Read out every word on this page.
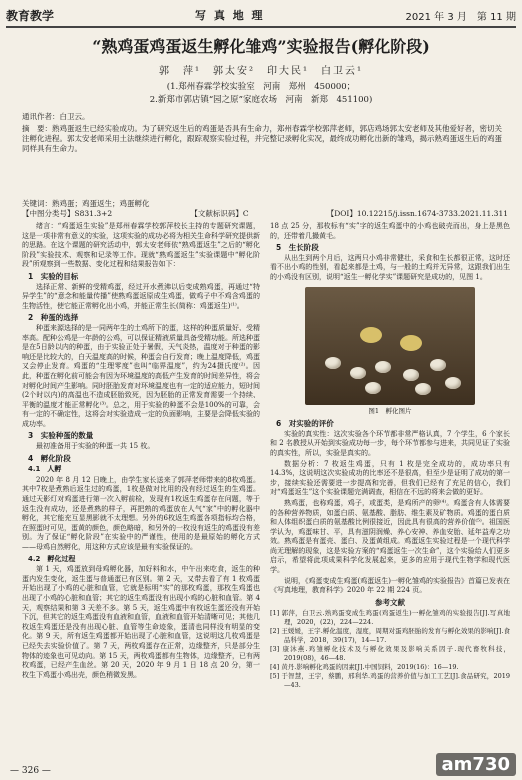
教育教学	写 真 地 理	2021 年 3 月　第 11 期
“熟鸡蛋鸡蛋返生孵化雏鸡”实验报告(孵化阶段)
郭　萍¹　郭太安²　印大民¹　白卫云¹
(1.郑州春霖学校实验室　河南　郑州　450000；
2.新郑市郭店镇“园之原”家庭农场　河南　新郑　451100)
通讯作者：白卫云。
摘　要：熟鸡蛋返生已经实验成功。为了研究返生后的鸡蛋是否具有生命力，郑州春霖学校郭萍老师，郭店鸡场郭太安老师及其他爱好者，密切关注孵化进程。郭太安老师采用土法继续进行孵化，跟踪观察实验过程，并完整记录孵化实况，最终成功孵化出新的雏鸡，揭示熟鸡蛋返生后的鸡蛋同样具有生命力。
关键词：熟鸡蛋；鸡蛋返生；鸡蛋孵化
【中图分类号】S831.3+2	【文献标识码】C	【DOI】10.12215/j.issn.1674-3733.2021.11.311

绪言：“鸡蛋返生实验”是郑州春霖学校郭萍校长主持的专题研究课题，这是一项非常有意义的实验，这项实验的成功必将为相关生命科学研究提供新的思路。在这个课题的研究活动中，郭太安老师依“熟鸡蛋返生”之后的“孵化阶段”实验技术、观察和记录等工作。现就“熟鸡蛋返生”实验课题中“孵化阶段”所观察到一些数据、变化过程和结果报告如下：

1　实验的目标

选择正常、新鲜的受精鸡蛋，经过开水煮沸以后变成熟鸡蛋，再通过“特异学生”的“意念和能量传播”使熟鸡蛋返原成生鸡蛋，做鸡子中不鸡含鸡蛋的生物活性，使它能正常孵化出小鸡，并能正常生长(简称：鸡蛋返生)⁽¹⁾。

2　种蛋的选择

种蛋来源选择的是一同两年生的土鸡所下的蛋，这样的种蛋质量好、受精率高。配种公鸡是一年龄的公鸡，可以保证精液质量具备受精功能。所选种蛋是在5日龄以内的种蛋，由于实验正处于暑假，天气炎热，温度对于种蛋的影响还是比较大的，白天温度高的时候，种蛋会自行发育；晚上温度降低，鸡蛋又会停止发育。鸡蛋的“生理零度”也叫“临界温度”，约为24摄氏度⁽²⁾。因此，种蛋在孵化前可能会有因为环境温度的高低产生发育的时间差异性，将会对孵化时间产生影响。同时胚胎发育对环境温度也有一定的适应能力，短时间(2个时以内)的高温也不造成胚胎致死，因为胚胎的正常发育需要一个持续、平衡的温度才能正常孵化⁽³⁾。总之，用于实验的种蛋不会是100%的可靠，会有一定的不确定性，这将会对实验造成一定的负面影响，主要是会降低实验的成功率。

3　实验种蛋的数量

最初准备用于实验的种蛋一共 15 枚。

4　孵化阶段
4.1　人孵

2020 年 8 月 12 日晚上，由学生家长送来了郭萍老师带来的8枚鸡蛋。其中7枚是煮熟后返生过的鸡蛋，1枚是做对比用的没有经过返生的生鸡蛋。通过天影灯对鸡蛋进行第一次入孵前检，发现有1枚返生鸡蛋存在问题，等于返生没有成功，还是煮熟的样子，再把熟的鸡蛋放在人气“家”中的孵化器中孵化，其它能充互显黑影就不太理想。另外的6枚返生鸡蛋各项指标均合格，在照蛋时可见，蛋黄的颜色，颜色略暗，和另外的一枚没有返生的鸡蛋没有差别。为了保证“孵化阶段”在实验中的严谨性，使用的是最原始的孵化方式——母鸡自然孵化，用这种方式应该是最有实验保证的。

4.2　孵化过程

第 1 天，鸡蛋放到母鸡孵化器，加好料和水，中午出来吃食，返生的种蛋内发生变化，返生蛋与普通蛋已有区别。第 2 天，又带去看了有 1 枚鸡蛋开始出现了小鸡的心脏和血管，它就是标明“实”的那枚鸡蛋，那枚生鸡蛋也出现了小鸡的心脏和血管；其它的返生鸡蛋没有出现小鸡的心脏和血管。第 4 天，观察结果和第 3 天差不多。第 5 天，返生鸡蛋中有枚返生蛋还没有开始下沉，但其它的返生鸡蛋没有血液和血管，血液和血管开始清晰可见；其他几枚返生鸡蛋还是没有出现心脏、血管等生命迹象，蛋清也同样没有明显的变化。第 9 天，所有返生鸡蛋都开始出现了心脏和血管，这说明这几枚鸡蛋是已经失去实验价值了。第 7 天，两枚鸡蛋存在正常，边缘整齐，只是部分生物体的迹象也可见动向。第 15 天，两枚鸡蛋都有生物体，边缘整齐，已有两枚鸡蛋，已经产生血丝。第 20 天，2020 年 9 月 1 日 18 点 20 分，第一枚生下鸡蛋小鸡出壳，颜色稍微发黑。

18 点 25 分，那枚标有“实”字的返生鸡蛋中的小鸡也破壳而出，身上是黑色的，还带着几撮黄毛。

5　生长阶段

从出生到两个月后，这两只小鸡非常健壮，采食和生长都很正常，这时还看不出小鸡的性别，看起来都是土鸡，与一般的土鸡并无异常，这跟我们出生的小鸡没有区别，说明“返生一孵化学实”课题研究是成功的，见图 1。

图1　孵化图片
6　对实验的评价

实验的真实性：这次实验各个环节都非常严格认真，7 个学生，6 个家长和 2 名教授从开始到实验成功每一步，每个环节都参与进来，共同见证了实验的真实性，所以，实验是真实的。

数据分析：7 枚返生鸡蛋，只有 1 枚是完全成功的，成功率只有 14.3%，这说明这次实验成功的比率还不是很高，但至少是证明了成功的第一步，接续实验还需要进一步提高和完善，但我们已经有了充足的信心，我们对“鸡蛋返生”这个实验课题完满调查，相信在不远的将来会做的更好。

熟鸡蛋，也称鸡蛋，鸡子，或蛋类，是鸡所产的卵⁽⁴⁾。鸡蛋含有人体需要的各种营养物质，如蛋白质、氨基酸、脂肪、维生素及矿物质。鸡蛋的蛋白质和人体组织蛋白质的氨基酸比例很接近，因此具有很高的营养价值⁽⁵⁾。祖国医学认为，鸡蛋味甘、平，具有滋阴润燥、养心安神、养血安胎、延年益寿之功效。熟鸡蛋是有蛋壳、蛋白、及蛋黄组成。鸡蛋返生实验过程是一个现代科学尚无理解的现象，这是实验方案的“鸡蛋返生一次生命”，这个实验给人们更多启示，希望将此项成果科学化发展起来，更多的应用于现代生物学和现代医学。

说明，《鸡蛋变成生鸡蛋(鸡蛋返生)一孵化雏鸡的实验报告》首篇已发表在《写真地理，教育科学》2020 年 22 期 224 页。

参考文献

[1] 郭萍，白卫云.熟鸡蛋变成生鸡蛋(鸡蛋返生)一孵化雏鸡的实验报告[J].写真地理，2020，(22)，224—224.

[2] 王媛媛，王宇.孵化温度，湿度，周期对蛋鸡胚胎的发育与孵化效果的影响[J].食品科学，2018，39(17)，14—17.

[3] 康沐燕.鸡雏孵化技术及与孵化效果及影响关系因子.现代畜牧科技，2019(08)，46—48.

[4] 黄丹.影响孵化鸡蛋的因素[J].中国饲料，2019(16)：16—19.

[5] 于智慧，王宇，蔡鹏，邢利华.鸡蛋的营养价值与加工工艺[J].食品研究，2019—43.

— 326 —	am730
